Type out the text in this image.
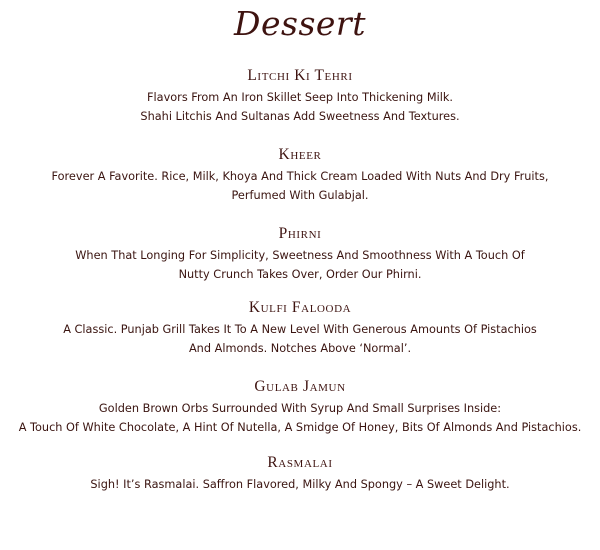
Dessert
Litchi Ki Tehri
Flavors From An Iron Skillet Seep Into Thickening Milk.
Shahi Litchis And Sultanas Add Sweetness And Textures.
Kheer
Forever A Favorite. Rice, Milk, Khoya And Thick Cream Loaded With Nuts And Dry Fruits,
Perfumed With Gulabjal.
Phirni
When That Longing For Simplicity, Sweetness And Smoothness With A Touch Of
Nutty Crunch Takes Over, Order Our Phirni.
Kulfi Falooda
A Classic. Punjab Grill Takes It To A New Level With Generous Amounts Of Pistachios
And Almonds. Notches Above ‘Normal’.
Gulab Jamun
Golden Brown Orbs Surrounded With Syrup And Small Surprises Inside:
A Touch Of White Chocolate, A Hint Of Nutella, A Smidge Of Honey, Bits Of Almonds And Pistachios.
Rasmalai
Sigh! It’s Rasmalai. Saffron Flavored, Milky And Spongy – A Sweet Delight.
